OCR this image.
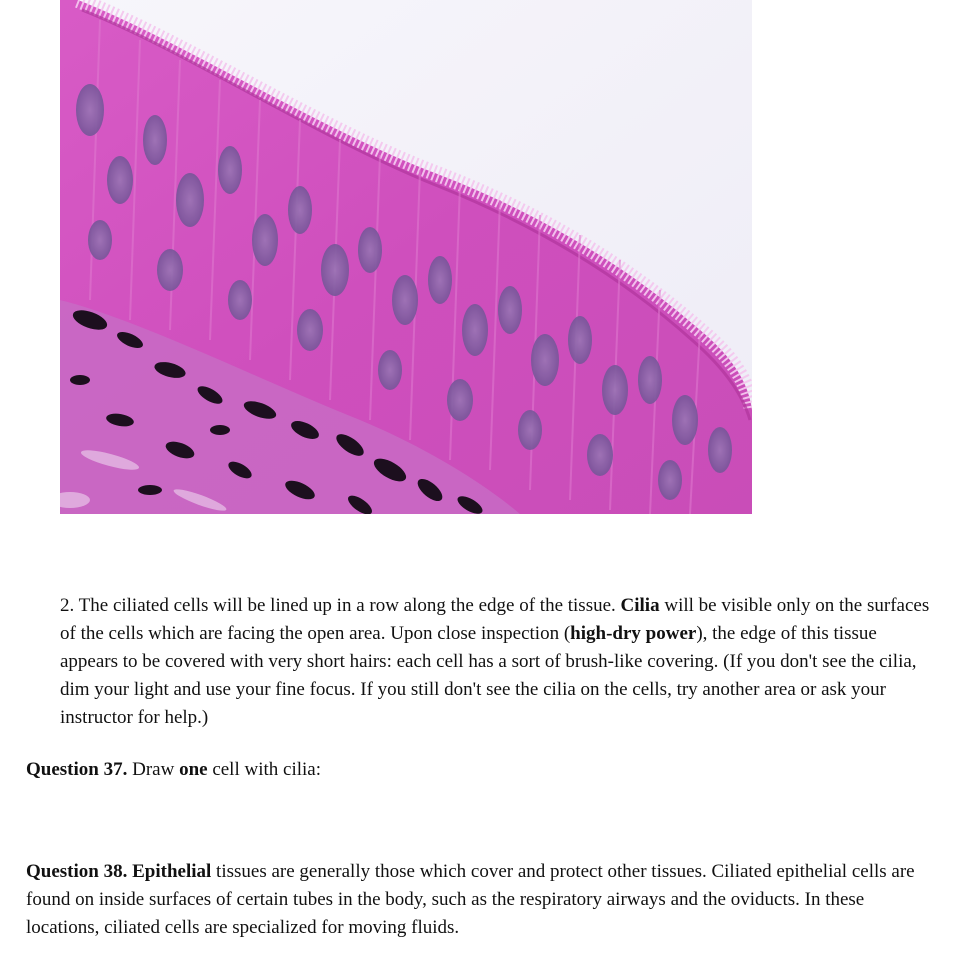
2. The ciliated cells will be lined up in a row along the edge of the tissue. Cilia will be visible only on the surfaces of the cells which are facing the open area. Upon close inspection (high-dry power), the edge of this tissue appears to be covered with very short hairs: each cell has a sort of brush-like covering. (If you don't see the cilia, dim your light and use your fine focus. If you still don't see the cilia on the cells, try another area or ask your instructor for help.)
Question 37. Draw one cell with cilia:
Question 38. Epithelial tissues are generally those which cover and protect other tissues. Ciliated epithelial cells are found on inside surfaces of certain tubes in the body, such as the respiratory airways and the oviducts. In these locations, ciliated cells are specialized for moving fluids.
